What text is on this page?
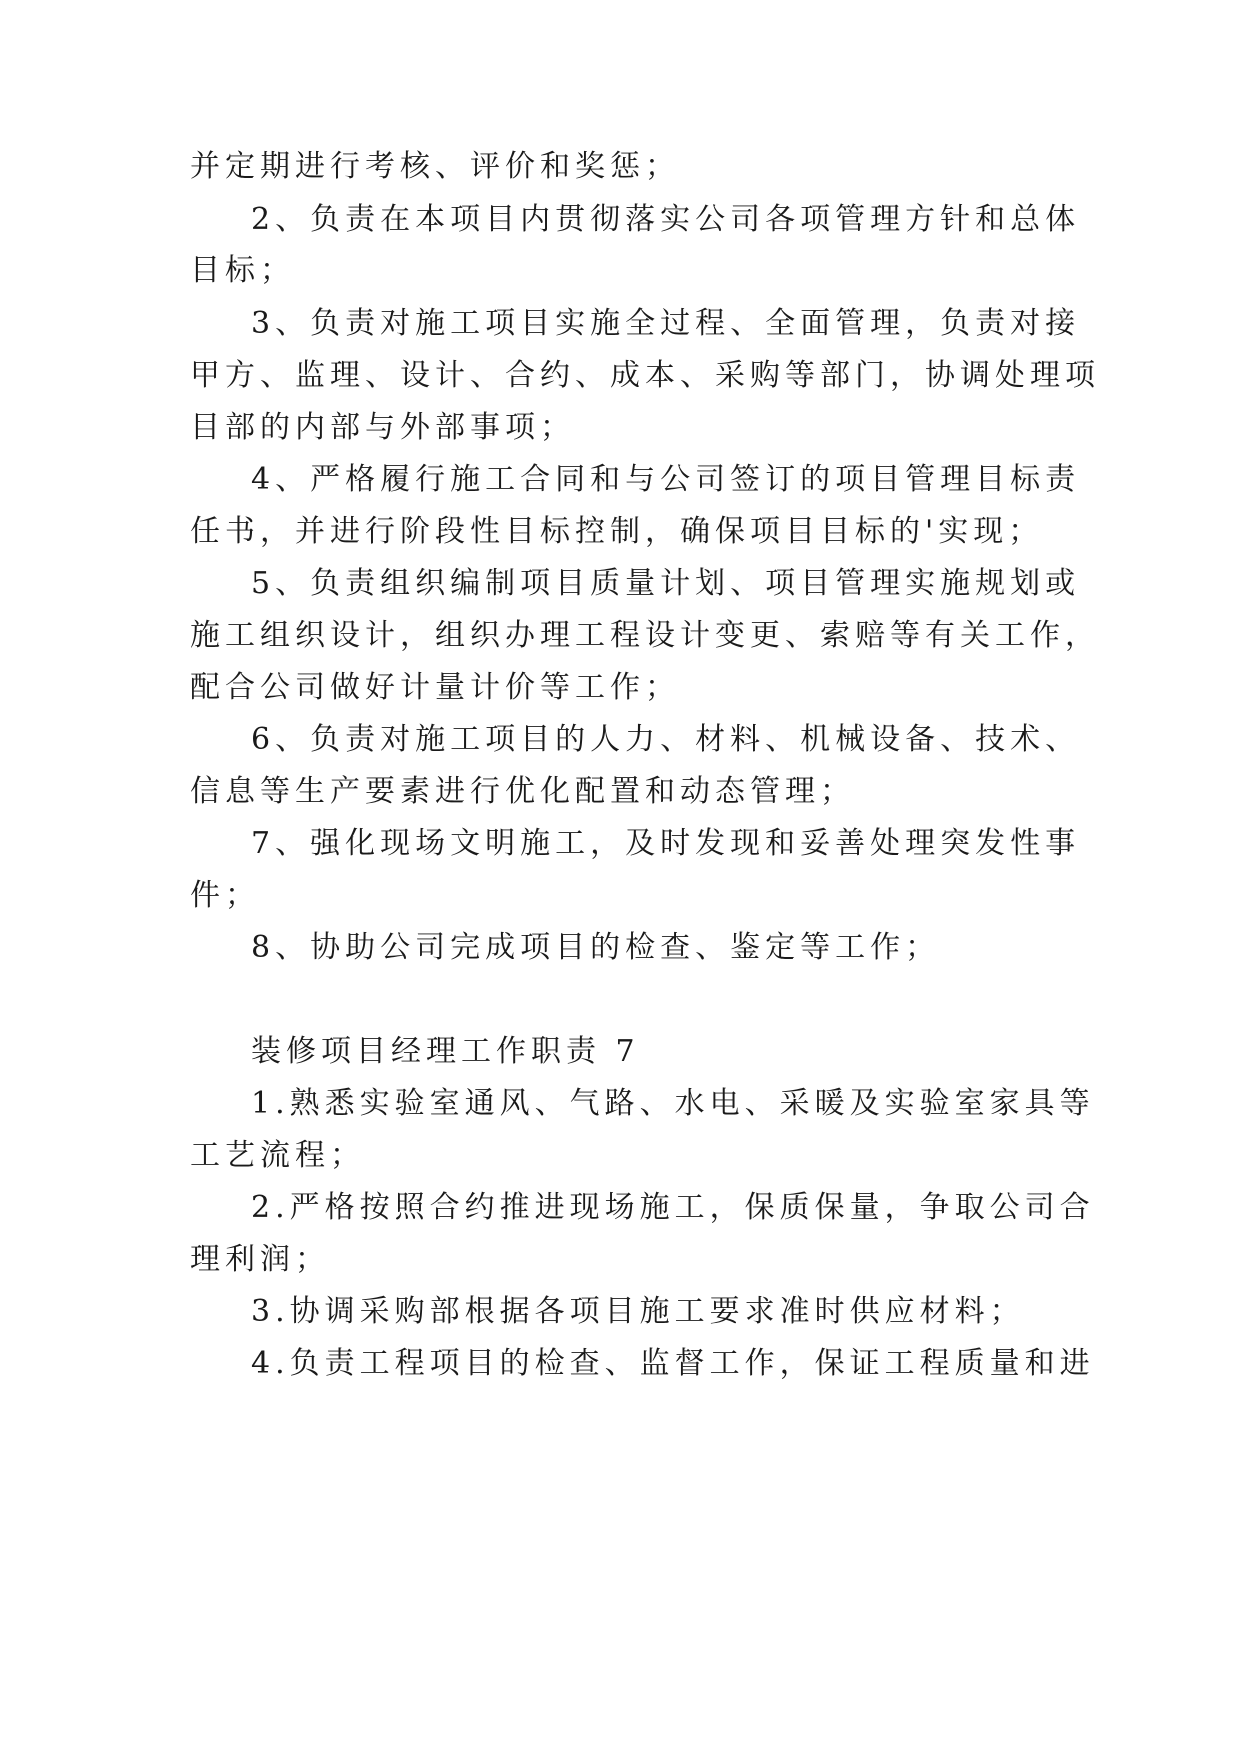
并定期进行考核、评价和奖惩；

2、负责在本项目内贯彻落实公司各项管理方针和总体

目标；

3、负责对施工项目实施全过程、全面管理，负责对接

甲方、监理、设计、合约、成本、采购等部门，协调处理项

目部的内部与外部事项；

4、严格履行施工合同和与公司签订的项目管理目标责

任书，并进行阶段性目标控制，确保项目目标的'实现；

5、负责组织编制项目质量计划、项目管理实施规划或

施工组织设计，组织办理工程设计变更、索赔等有关工作，

配合公司做好计量计价等工作；

6、负责对施工项目的人力、材料、机械设备、技术、

信息等生产要素进行优化配置和动态管理；

7、强化现场文明施工，及时发现和妥善处理突发性事

件；

8、协助公司完成项目的检查、鉴定等工作；

装修项目经理工作职责 7

1.熟悉实验室通风、气路、水电、采暖及实验室家具等

工艺流程；

2.严格按照合约推进现场施工，保质保量，争取公司合

理利润；

3.协调采购部根据各项目施工要求准时供应材料；

4.负责工程项目的检查、监督工作，保证工程质量和进
